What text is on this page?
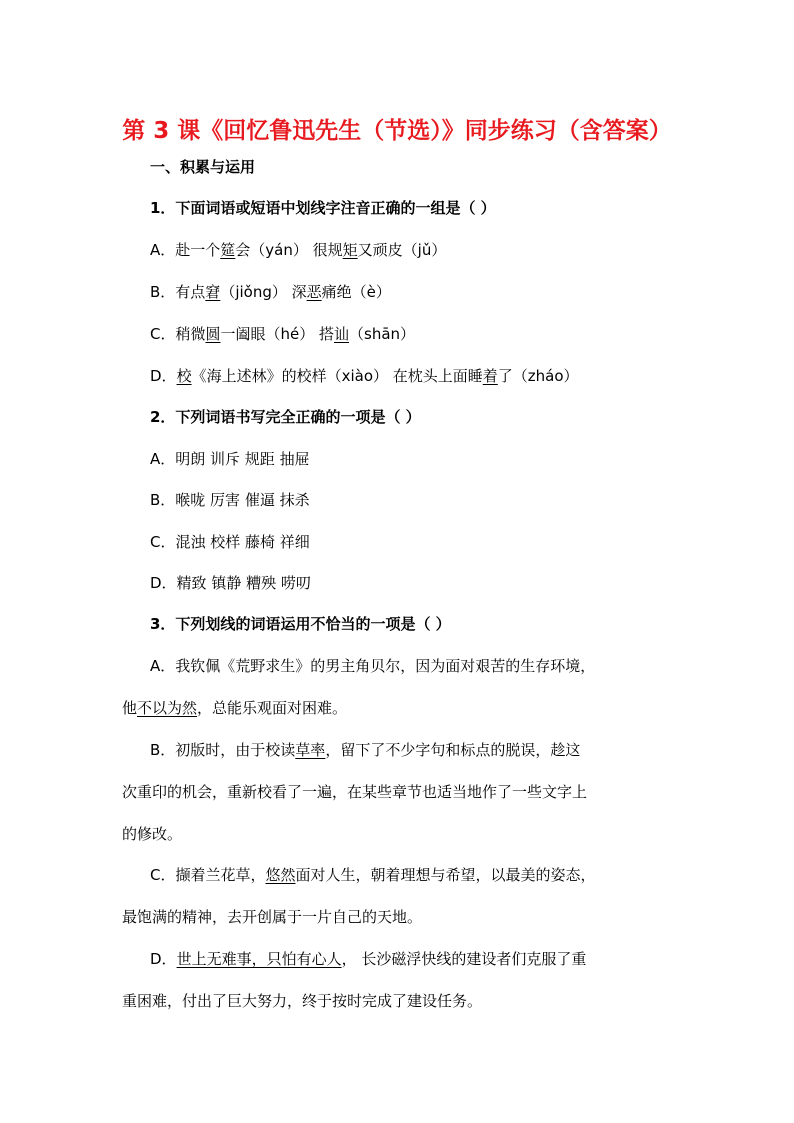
第 3 课《回忆鲁迅先生（节选）》同步练习（含答案）
一、积累与运用
1．下面词语或短语中划线字注音正确的一组是（ ）
A．赴一个筵会（yán） 很规矩又顽皮（jǔ）
B．有点窘（jiǒng） 深恶痛绝（è）
C．稍微圆一阖眼（hé） 搭讪（shān）
D．校《海上述林》的校样（xiào） 在枕头上面睡着了（zháo）
2．下列词语书写完全正确的一项是（ ）
A．明朗 训斥 规距 抽屉
B．喉咙 厉害 催逼 抹杀
C．混浊 校样 藤椅 祥细
D．精致 镇静 糟殃 唠叨
3．下列划线的词语运用不恰当的一项是（ ）
A．我钦佩《荒野求生》的男主角贝尔，因为面对艰苦的生存环境，
他不以为然，总能乐观面对困难。
B．初版时，由于校读草率，留下了不少字句和标点的脱误，趁这
次重印的机会，重新校看了一遍，在某些章节也适当地作了一些文字上
的修改。
C．撷着兰花草，悠然面对人生，朝着理想与希望，以最美的姿态，
最饱满的精神，去开创属于一片自己的天地。
D．世上无难事，只怕有心人， 长沙磁浮快线的建设者们克服了重
重困难，付出了巨大努力，终于按时完成了建设任务。
